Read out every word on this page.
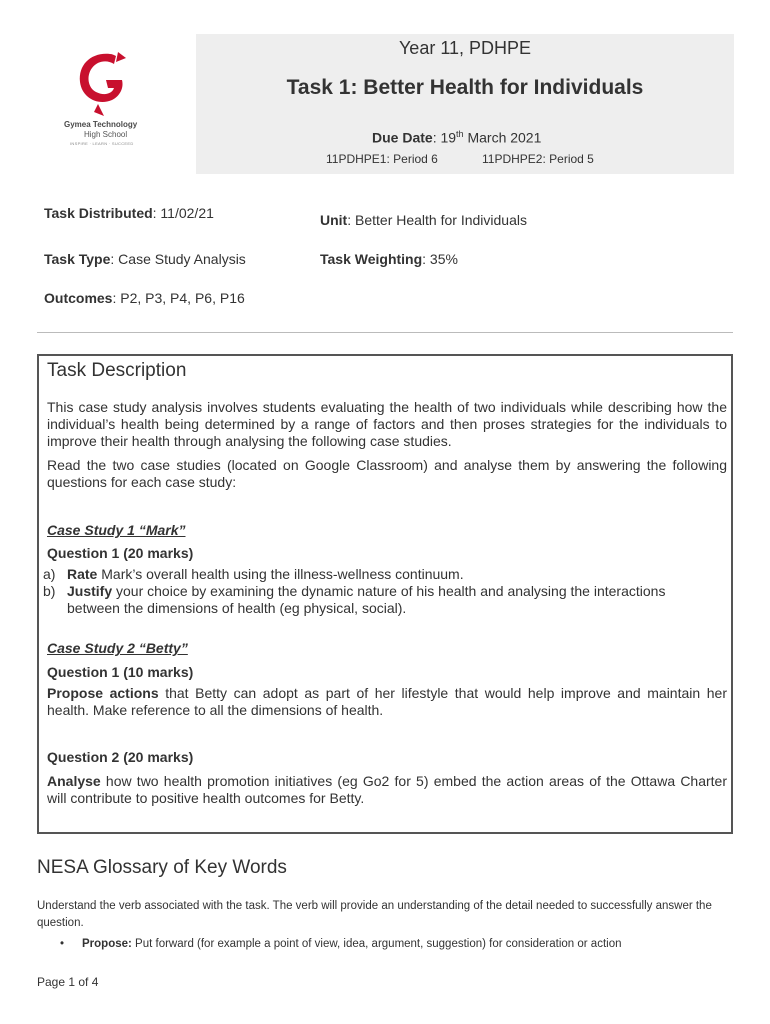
Gymea Technology
High School
INSPIRE · LEARN · SUCCEED
Year 11, PDHPE
Task 1: Better Health for Individuals
Due Date: 19th March 2021
11PDHPE1: Period 6	11PDHPE2: Period 5
Task Distributed: 11/02/21	Unit: Better Health for Individuals
Task Type: Case Study Analysis	Task Weighting: 35%
Outcomes: P2, P3, P4, P6, P16
Task Description
This case study analysis involves students evaluating the health of two individuals while describing how the individual’s health being determined by a range of factors and then proses strategies for the individuals to improve their health through analysing the following case studies.
Read the two case studies (located on Google Classroom) and analyse them by answering the following questions for each case study:
Case Study 1 “Mark”
Question 1 (20 marks)
a) Rate Mark’s overall health using the illness-wellness continuum.
b) Justify your choice by examining the dynamic nature of his health and analysing the interactions between the dimensions of health (eg physical, social).
Case Study 2 “Betty”
Question 1 (10 marks)
Propose actions that Betty can adopt as part of her lifestyle that would help improve and maintain her health. Make reference to all the dimensions of health.
Question 2 (20 marks)
Analyse how two health promotion initiatives (eg Go2 for 5) embed the action areas of the Ottawa Charter will contribute to positive health outcomes for Betty.
NESA Glossary of Key Words
Understand the verb associated with the task. The verb will provide an understanding of the detail needed to successfully answer the question.
• Propose: Put forward (for example a point of view, idea, argument, suggestion) for consideration or action
Page 1 of 4
